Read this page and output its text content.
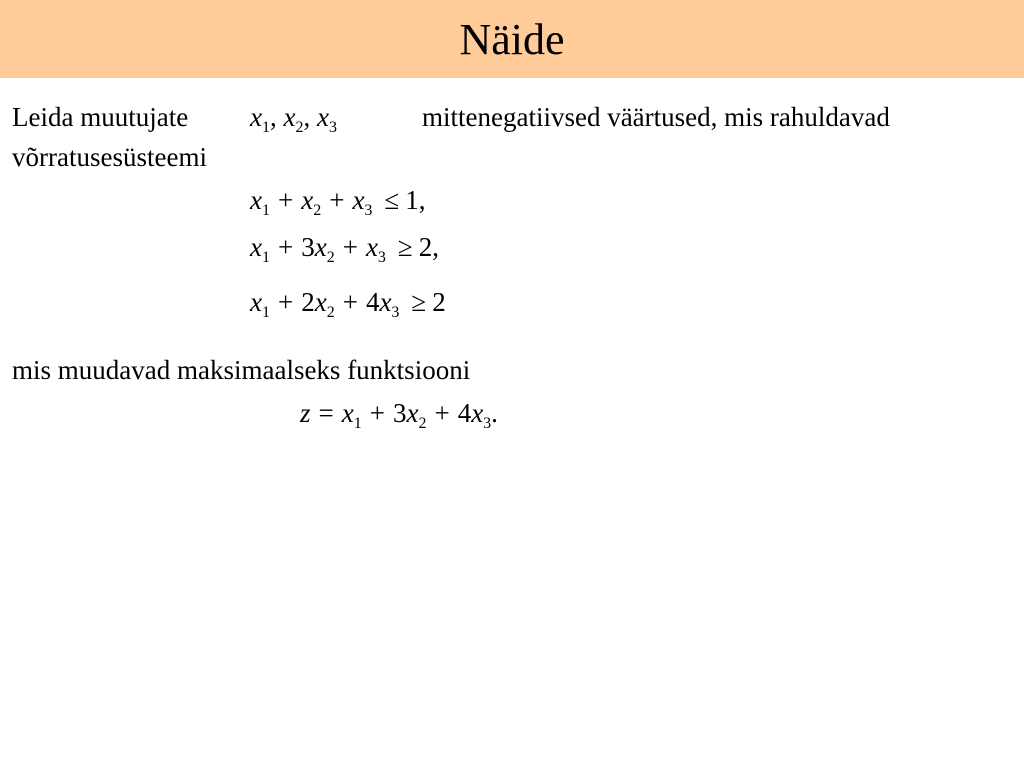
Näide
Leida muutujate $x_1$, $x_2$, $x_3$	mittenegatiivsed väärtused, mis rahuldavad
võrratusesüsteemi
$x_1 + x_2 + x_3 \le 1$,
$x_1 + 3x_2 + x_3 \ge 2$,
$x_1 + 2x_2 + 4x_3 \ge 2$
mis muudavad maksimaalseks funktsiooni
$z = x_1 + 3x_2 + 4x_3$.
